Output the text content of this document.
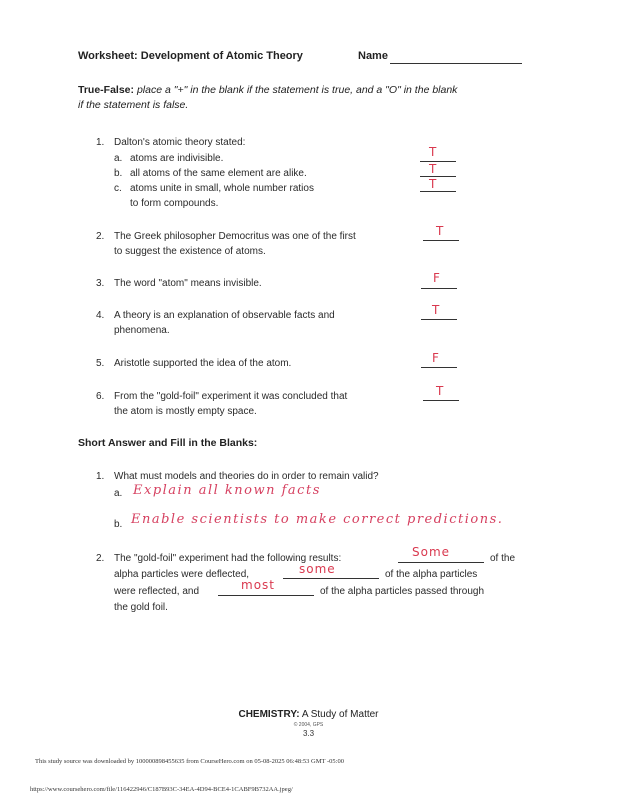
Worksheet: Development of Atomic Theory	Name
True-False: place a "+" in the blank if the statement is true, and a "O" in the blank
if the statement is false.
1. Dalton's atomic theory stated:
a. atoms are indivisible.	T
b. all atoms of the same element are alike.	T
c. atoms unite in small, whole number ratios	T
to form compounds.
2. The Greek philosopher Democritus was one of the first
to suggest the existence of atoms.
T
3. The word "atom" means invisible.	F
4. A theory is an explanation of observable facts and
phenomena.
T
5. Aristotle supported the idea of the atom.	F
6. From the "gold-foil" experiment it was concluded that
the atom is mostly empty space.
T
Short Answer and Fill in the Blanks:
1. What must models and theories do in order to remain valid?
a. Explain all known facts
b. Enable scientists to make correct predictions.
2. The "gold-foil" experiment had the following results:	Some	of the
alpha particles were deflected,	some	of the alpha particles
were reflected, and	most	of the alpha particles passed through
the gold foil.
CHEMISTRY: A Study of Matter
© 2004, GPS
3.3
This study source was downloaded by 100000898455635 from CourseHero.com on 05-08-2025 06:48:53 GMT -05:00
https://www.coursehero.com/file/116422946/C187B93C-34EA-4D94-BCE4-1CABF9B732AA.jpeg/
